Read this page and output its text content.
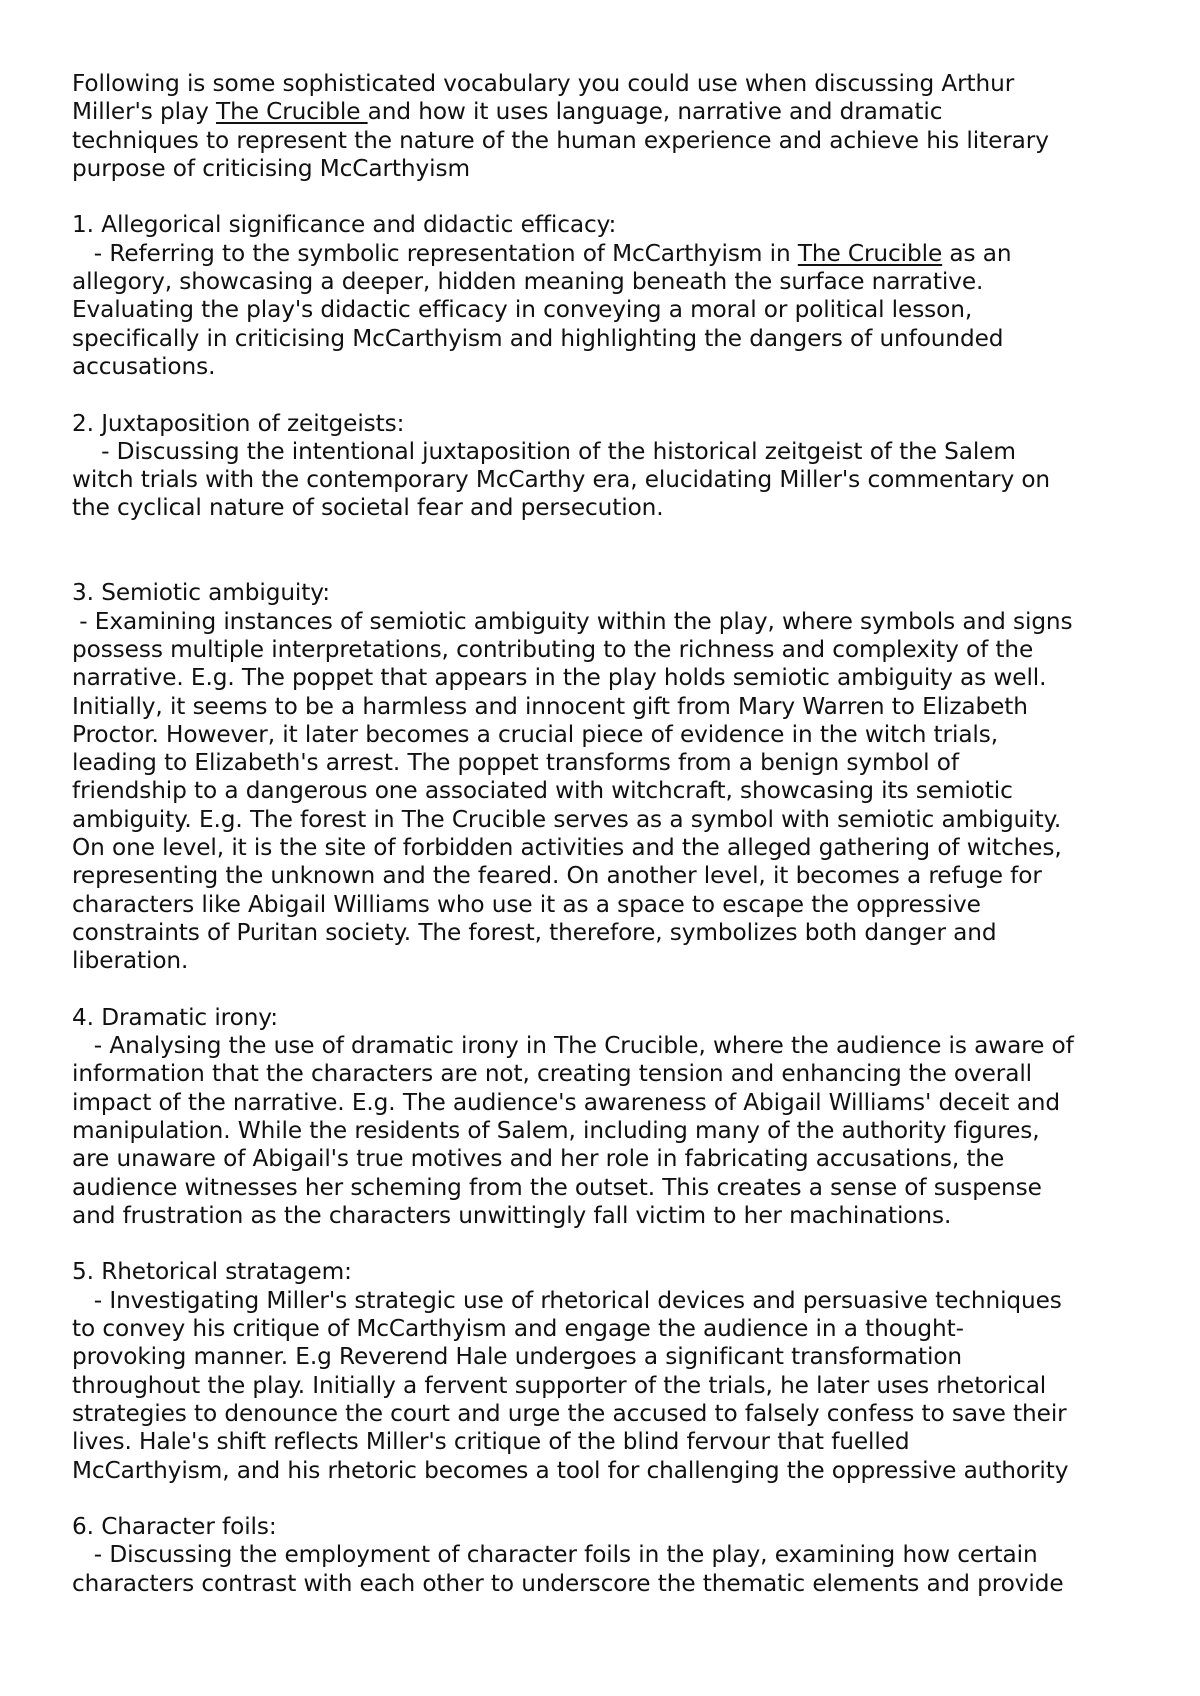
Following is some sophisticated vocabulary you could use when discussing Arthur
Miller's play The Crucible and how it uses language, narrative and dramatic
techniques to represent the nature of the human experience and achieve his literary
purpose of criticising McCarthyism
1. Allegorical significance and didactic efficacy:
- Referring to the symbolic representation of McCarthyism in The Crucible as an
allegory, showcasing a deeper, hidden meaning beneath the surface narrative.
Evaluating the play's didactic efficacy in conveying a moral or political lesson,
specifically in criticising McCarthyism and highlighting the dangers of unfounded
accusations.
2. Juxtaposition of zeitgeists:
- Discussing the intentional juxtaposition of the historical zeitgeist of the Salem
witch trials with the contemporary McCarthy era, elucidating Miller's commentary on
the cyclical nature of societal fear and persecution.
3. Semiotic ambiguity:
- Examining instances of semiotic ambiguity within the play, where symbols and signs
possess multiple interpretations, contributing to the richness and complexity of the
narrative. E.g. The poppet that appears in the play holds semiotic ambiguity as well.
Initially, it seems to be a harmless and innocent gift from Mary Warren to Elizabeth
Proctor. However, it later becomes a crucial piece of evidence in the witch trials,
leading to Elizabeth's arrest. The poppet transforms from a benign symbol of
friendship to a dangerous one associated with witchcraft, showcasing its semiotic
ambiguity. E.g. The forest in The Crucible serves as a symbol with semiotic ambiguity.
On one level, it is the site of forbidden activities and the alleged gathering of witches,
representing the unknown and the feared. On another level, it becomes a refuge for
characters like Abigail Williams who use it as a space to escape the oppressive
constraints of Puritan society. The forest, therefore, symbolizes both danger and
liberation.
4. Dramatic irony:
- Analysing the use of dramatic irony in The Crucible, where the audience is aware of
information that the characters are not, creating tension and enhancing the overall
impact of the narrative. E.g. The audience's awareness of Abigail Williams' deceit and
manipulation. While the residents of Salem, including many of the authority figures,
are unaware of Abigail's true motives and her role in fabricating accusations, the
audience witnesses her scheming from the outset. This creates a sense of suspense
and frustration as the characters unwittingly fall victim to her machinations.
5. Rhetorical stratagem:
- Investigating Miller's strategic use of rhetorical devices and persuasive techniques
to convey his critique of McCarthyism and engage the audience in a thought-
provoking manner. E.g Reverend Hale undergoes a significant transformation
throughout the play. Initially a fervent supporter of the trials, he later uses rhetorical
strategies to denounce the court and urge the accused to falsely confess to save their
lives. Hale's shift reflects Miller's critique of the blind fervour that fuelled
McCarthyism, and his rhetoric becomes a tool for challenging the oppressive authority
6. Character foils:
- Discussing the employment of character foils in the play, examining how certain
characters contrast with each other to underscore the thematic elements and provide
